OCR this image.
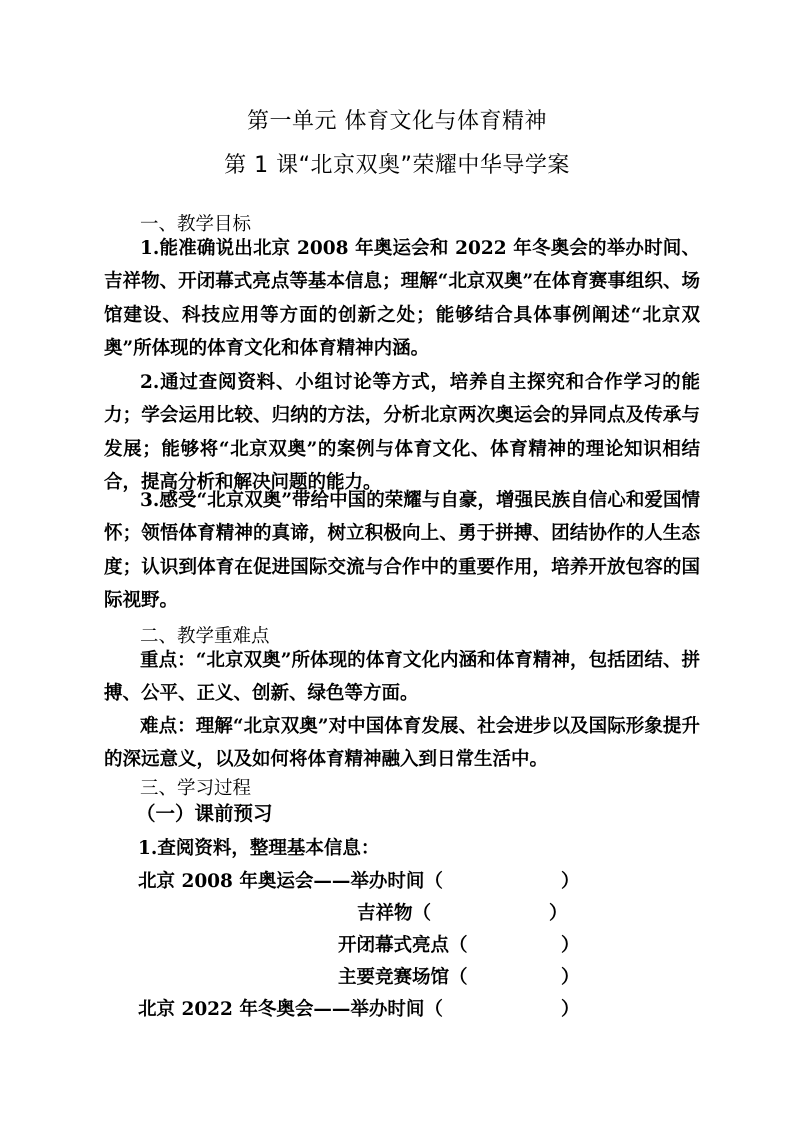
第一单元 体育文化与体育精神
第 1 课“北京双奥”荣耀中华导学案
一、教学目标

1.能准确说出北京 2008 年奥运会和 2022 年冬奥会的举办时间、吉祥物、开闭幕式亮点等基本信息；理解“北京双奥”在体育赛事组织、场馆建设、科技应用等方面的创新之处；能够结合具体事例阐述“北京双奥”所体现的体育文化和体育精神内涵。

2.通过查阅资料、小组讨论等方式，培养自主探究和合作学习的能力；学会运用比较、归纳的方法，分析北京两次奥运会的异同点及传承与发展；能够将“北京双奥”的案例与体育文化、体育精神的理论知识相结合，提高分析和解决问题的能力。

3.感受“北京双奥”带给中国的荣耀与自豪，增强民族自信心和爱国情怀；领悟体育精神的真谛，树立积极向上、勇于拼搏、团结协作的人生态度；认识到体育在促进国际交流与合作中的重要作用，培养开放包容的国际视野。

二、教学重难点

重点：“北京双奥”所体现的体育文化内涵和体育精神，包括团结、拼搏、公平、正义、创新、绿色等方面。

难点：理解“北京双奥”对中国体育发展、社会进步以及国际形象提升的深远意义，以及如何将体育精神融入到日常生活中。

三、学习过程
（一）课前预习
1.查阅资料，整理基本信息：
北京 2008 年奥运会——举办时间（	）
吉祥物（	）
开闭幕式亮点（	）
主要竞赛场馆（	）
北京 2022 年冬奥会——举办时间（	）
